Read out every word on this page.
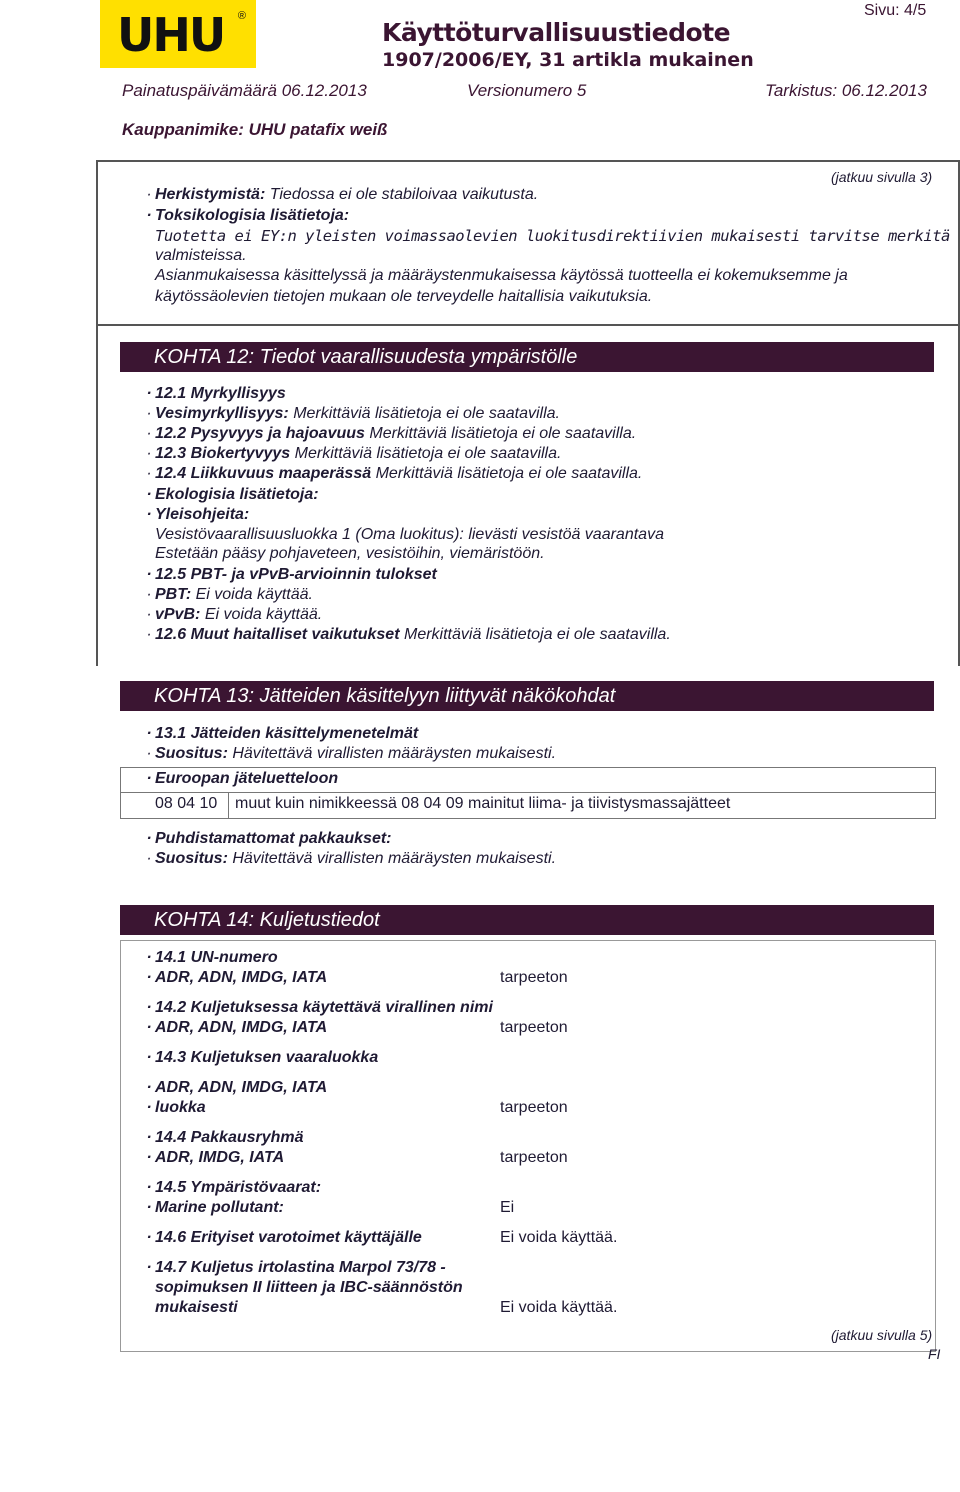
UHU ®
Käyttöturvallisuustiedote
1907/2006/EY, 31 artikla mukainen
Sivu: 4/5
Painatuspäivämäärä 06.12.2013	Versionumero 5	Tarkistus: 06.12.2013
Kauppanimike: UHU patafix weiß
(jatkuu sivulla 3)
· Herkistymistä: Tiedossa ei ole stabiloivaa vaikutusta.
· Toksikologisia lisätietoja:
Tuotetta ei EY:n yleisten voimassaolevien luokitusdirektiivien mukaisesti tarvitse merkitä
valmisteissa.
Asianmukaisessa käsittelyssä ja määräystenmukaisessa käytössä tuotteella ei kokemuksemme ja
käytössäolevien tietojen mukaan ole terveydelle haitallisia vaikutuksia.
KOHTA 12: Tiedot vaarallisuudesta ympäristölle
· 12.1 Myrkyllisyys
· Vesimyrkyllisyys: Merkittäviä lisätietoja ei ole saatavilla.
· 12.2 Pysyvyys ja hajoavuus Merkittäviä lisätietoja ei ole saatavilla.
· 12.3 Biokertyvyys Merkittäviä lisätietoja ei ole saatavilla.
· 12.4 Liikkuvuus maaperässä Merkittäviä lisätietoja ei ole saatavilla.
· Ekologisia lisätietoja:
· Yleisohjeita:
Vesistövaarallisuusluokka 1 (Oma luokitus): lievästi vesistöä vaarantava
Estetään pääsy pohjaveteen, vesistöihin, viemäristöön.
· 12.5 PBT- ja vPvB-arvioinnin tulokset
· PBT: Ei voida käyttää.
· vPvB: Ei voida käyttää.
· 12.6 Muut haitalliset vaikutukset Merkittäviä lisätietoja ei ole saatavilla.
KOHTA 13: Jätteiden käsittelyyn liittyvät näkökohdat
· 13.1 Jätteiden käsittelymenetelmät
· Suositus: Hävitettävä virallisten määräysten mukaisesti.
· Euroopan jäteluetteloon
08 04 10 muut kuin nimikkeessä 08 04 09 mainitut liima- ja tiivistysmassajätteet
· Puhdistamattomat pakkaukset:
· Suositus: Hävitettävä virallisten määräysten mukaisesti.
KOHTA 14: Kuljetustiedot
· 14.1 UN-numero
· ADR, ADN, IMDG, IATA	tarpeeton
· 14.2 Kuljetuksessa käytettävä virallinen nimi
· ADR, ADN, IMDG, IATA	tarpeeton
· 14.3 Kuljetuksen vaaraluokka
· ADR, ADN, IMDG, IATA
· luokka	tarpeeton
· 14.4 Pakkausryhmä
· ADR, IMDG, IATA	tarpeeton
· 14.5 Ympäristövaarat:
· Marine pollutant:	Ei
· 14.6 Erityiset varotoimet käyttäjälle	Ei voida käyttää.
· 14.7 Kuljetus irtolastina Marpol 73/78 -
sopimuksen II liitteen ja IBC-säännöstön
mukaisesti	Ei voida käyttää.
(jatkuu sivulla 5)
FI
